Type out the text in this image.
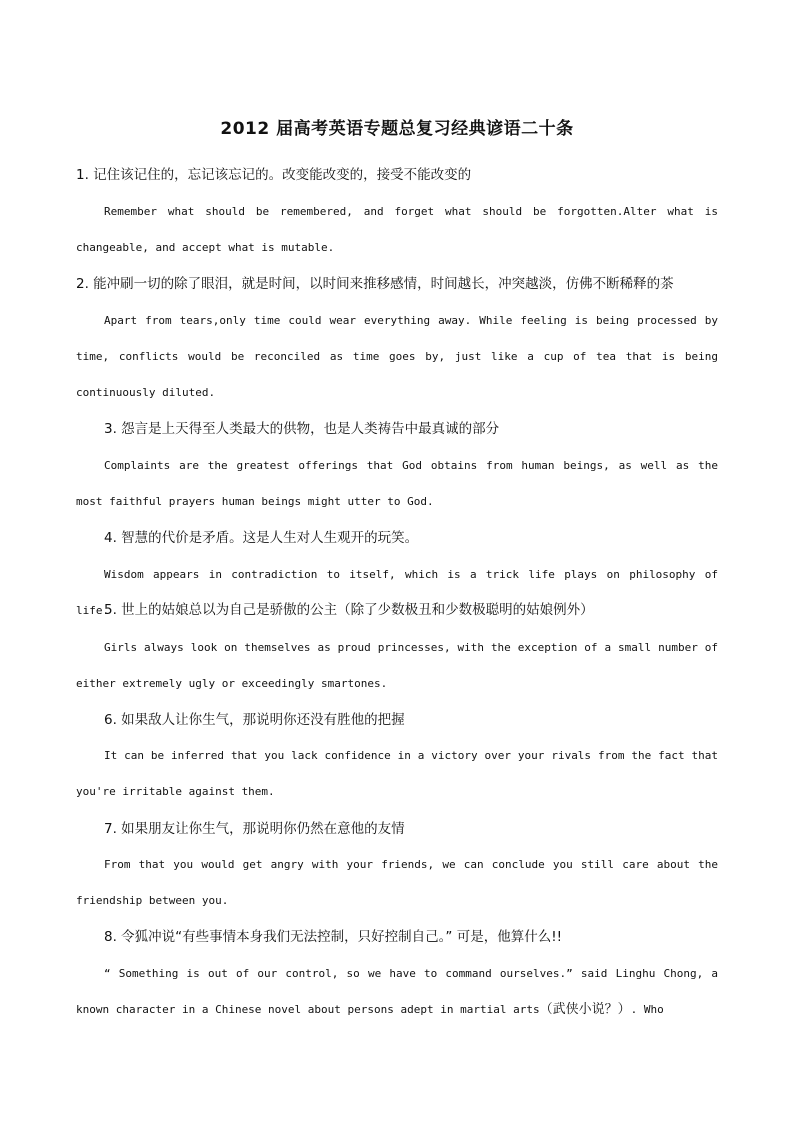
2012 届高考英语专题总复习经典谚语二十条
1. 记住该记住的，忘记该忘记的。改变能改变的，接受不能改变的
Remember what should be remembered, and forget what should be forgotten.Alter what is changeable, and accept what is mutable.
2. 能冲刷一切的除了眼泪，就是时间，以时间来推移感情，时间越长，冲突越淡，仿佛不断稀释的茶
Apart from tears,only time could wear everything away. While feeling is being processed by time, conflicts would be reconciled as time goes by, just like a cup of tea that is being continuously diluted.
3. 怨言是上天得至人类最大的供物，也是人类祷告中最真诚的部分
Complaints are the greatest offerings that God obtains from human beings, as well as the most faithful prayers human beings might utter to God.
4. 智慧的代价是矛盾。这是人生对人生观开的玩笑。
Wisdom appears in contradiction to itself, which is a trick life plays on philosophy of life.
5. 世上的姑娘总以为自己是骄傲的公主（除了少数极丑和少数极聪明的姑娘例外）
Girls always look on themselves as proud princesses, with the exception of a small number of either extremely ugly or exceedingly smartones.
6. 如果敌人让你生气，那说明你还没有胜他的把握
It can be inferred that you lack confidence in a victory over your rivals from the fact that you're irritable against them.
7. 如果朋友让你生气，那说明你仍然在意他的友情
From that you would get angry with your friends, we can conclude you still care about the friendship between you.
8. 令狐冲说“有些事情本身我们无法控制，只好控制自己。” 可是，他算什么!!
“ Something is out of our control, so we have to command ourselves.” said Linghu Chong, a known character in a Chinese novel about persons adept in martial arts（武侠小说？）. Who
